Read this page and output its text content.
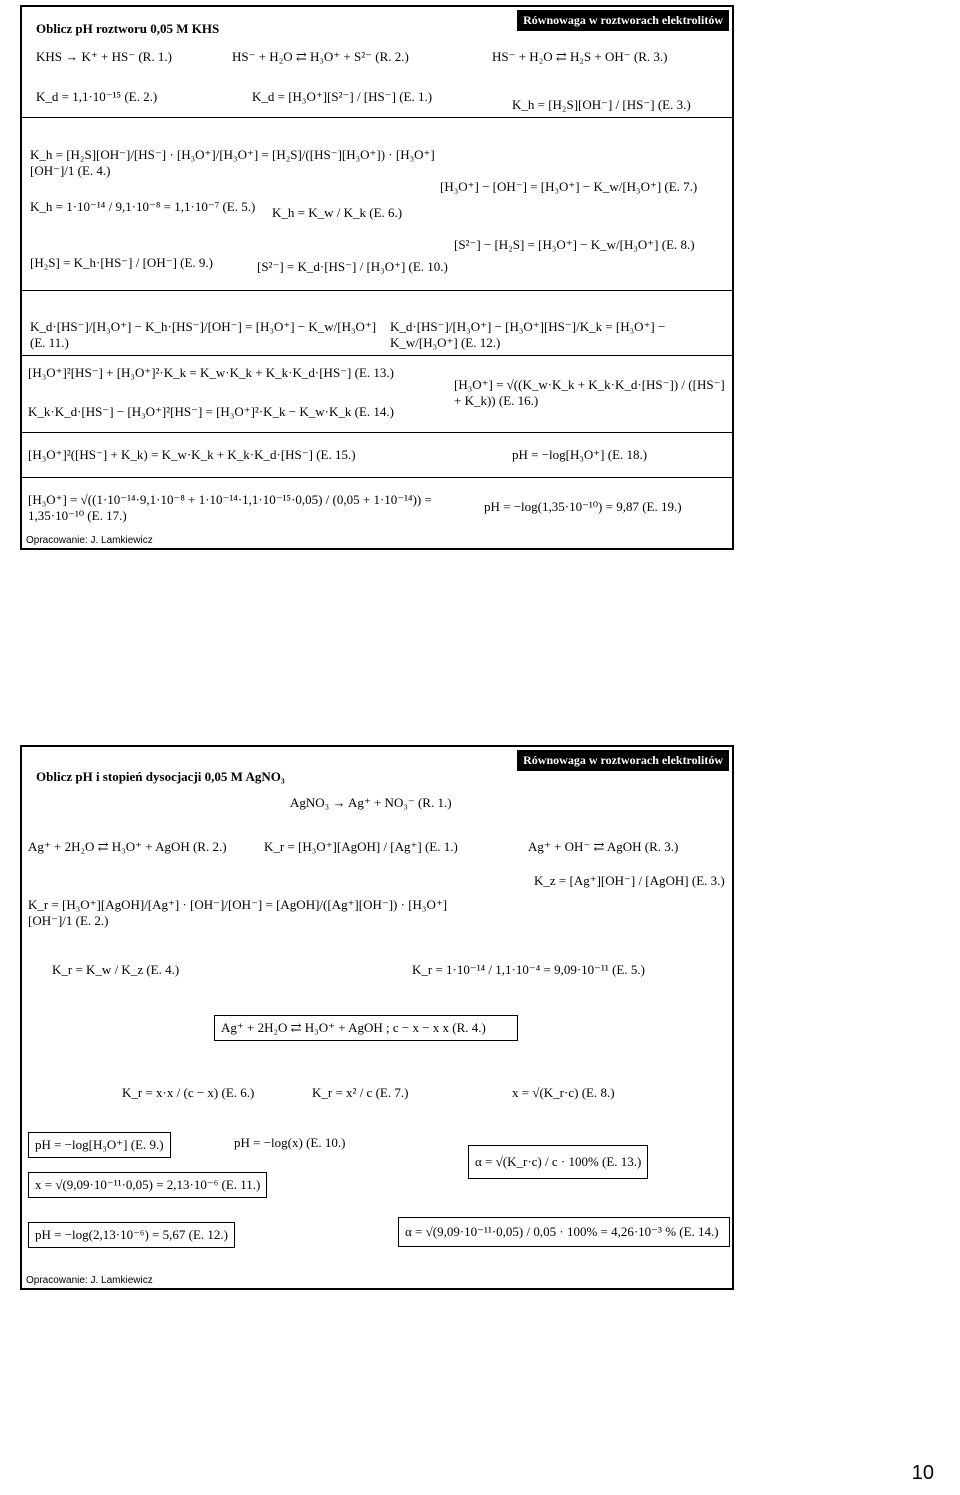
Równowaga w roztworach elektrolitów
Oblicz pH roztworu 0,05 M KHS
KHS → K⁺ + HS⁻ (R. 1.)
K_d = 1,1·10⁻¹⁵ (E. 2.)
HS⁻ + H₂O ⇄ H₃O⁺ + S²⁻ (R. 2.)
K_d = [H₃O⁺][S²⁻] / [HS⁻] (E. 1.)
HS⁻ + H₂O ⇄ H₂S + OH⁻ (R. 3.)
K_h = [H₂S][OH⁻] / [HS⁻] (E. 3.)
K_h = [H₂S][OH⁻]/[HS⁻] · [H₃O⁺]/[H₃O⁺] = [H₂S]/([HS⁻][H₃O⁺]) · [H₃O⁺][OH⁻]/1 (E. 4.)
K_h = 1·10⁻¹⁴ / 9,1·10⁻⁸ = 1,1·10⁻⁷ (E. 5.) K_h = K_w / K_k (E. 6.)
[H₂S] = K_h·[HS⁻] / [OH⁻] (E. 9.)	[S²⁻] = K_d·[HS⁻] / [H₃O⁺] (E. 10.)
[H₃O⁺] − [OH⁻] = [H₃O⁺] − K_w/[H₃O⁺] (E. 7.)
[S²⁻] − [H₂S] = [H₃O⁺] − K_w/[H₃O⁺] (E. 8.)
K_d·[HS⁻]/[H₃O⁺] − K_h·[HS⁻]/[OH⁻] = [H₃O⁺] − K_w/[H₃O⁺] (E. 11.)
K_d·[HS⁻]/[H₃O⁺] − [H₃O⁺][HS⁻]/K_k = [H₃O⁺] − K_w/[H₃O⁺] (E. 12.)
[H₃O⁺]²[HS⁻] + [H₃O⁺]²·K_k = K_w·K_k + K_k·K_d·[HS⁻] (E. 13.)
K_k·K_d·[HS⁻] − [H₃O⁺]²[HS⁻] = [H₃O⁺]²·K_k − K_w·K_k (E. 14.)
[H₃O⁺] = √((K_w·K_k + K_k·K_d·[HS⁻]) / ([HS⁻] + K_k)) (E. 16.)
[H₃O⁺]²([HS⁻] + K_k) = K_w·K_k + K_k·K_d·[HS⁻] (E. 15.)	pH = −log[H₃O⁺] (E. 18.)
[H₃O⁺] = √((1·10⁻¹⁴·9,1·10⁻⁸ + 1·10⁻¹⁴·1,1·10⁻¹⁵·0,05) / (0,05 + 1·10⁻¹⁴)) = 1,35·10⁻¹⁰ (E. 17.)
pH = −log(1,35·10⁻¹⁰) = 9,87 (E. 19.)
Opracowanie: J. Lamkiewicz
Równowaga w roztworach elektrolitów
Oblicz pH i stopień dysocjacji 0,05 M AgNO₃
AgNO₃ → Ag⁺ + NO₃⁻ (R. 1.)
Ag⁺ + 2H₂O ⇄ H₃O⁺ + AgOH (R. 2.)	K_r = [H₃O⁺][AgOH] / [Ag⁺] (E. 1.)	Ag⁺ + OH⁻ ⇄ AgOH (R. 3.)
K_z = [Ag⁺][OH⁻] / [AgOH] (E. 3.)
K_r = [H₃O⁺][AgOH]/[Ag⁺] · [OH⁻]/[OH⁻] = [AgOH]/([Ag⁺][OH⁻]) · [H₃O⁺][OH⁻]/1 (E. 2.)
K_r = K_w / K_z (E. 4.)	K_r = 1·10⁻¹⁴ / 1,1·10⁻⁴ = 9,09·10⁻¹¹ (E. 5.)
Ag⁺ + 2H₂O ⇄ H₃O⁺ + AgOH ; c − x − x x (R. 4.)
K_r = x·x / (c − x) (E. 6.)	K_r = x² / c (E. 7.)	x = √(K_r·c) (E. 8.)
pH = −log[H₃O⁺] (E. 9.)	pH = −log(x) (E. 10.)
α = √(K_r·c) / c · 100% (E. 13.)
x = √(9,09·10⁻¹¹·0,05) = 2,13·10⁻⁶ (E. 11.)
pH = −log(2,13·10⁻⁶) = 5,67 (E. 12.)	α = √(9,09·10⁻¹¹·0,05) / 0,05 · 100% = 4,26·10⁻³ % (E. 14.)
Opracowanie: J. Lamkiewicz
10
